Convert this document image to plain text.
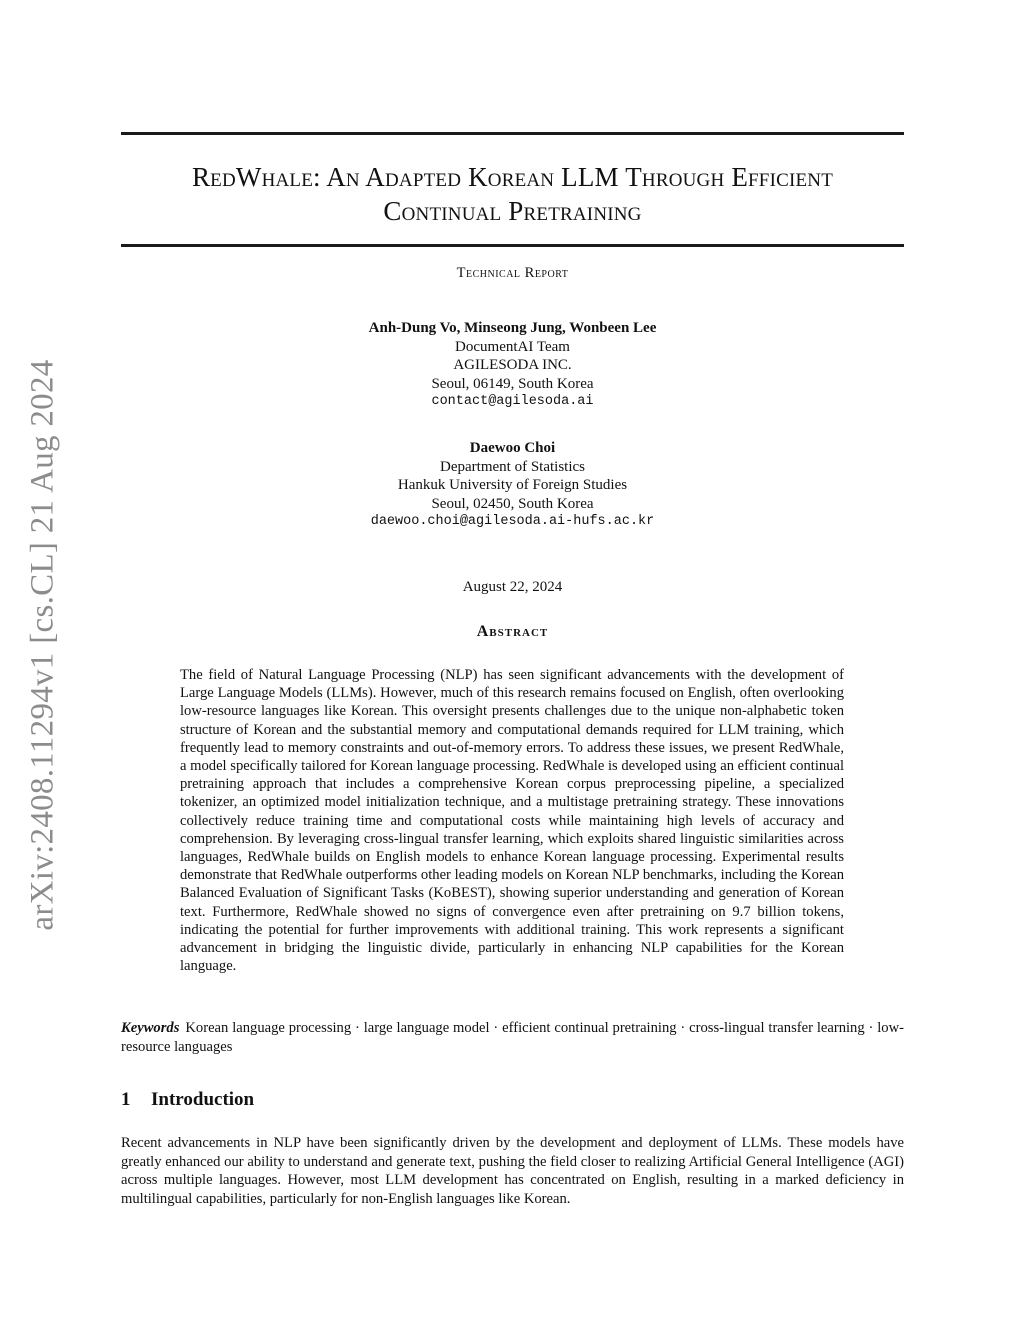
arXiv:2408.11294v1 [cs.CL] 21 Aug 2024
RedWhale: An Adapted Korean LLM Through Efficient
Continual Pretraining
Technical Report
Anh-Dung Vo, Minseong Jung, Wonbeen Lee
DocumentAI Team
AGILESODA INC.
Seoul, 06149, South Korea
contact@agilesoda.ai
Daewoo Choi
Department of Statistics
Hankuk University of Foreign Studies
Seoul, 02450, South Korea
daewoo.choi@agilesoda.ai-hufs.ac.kr
August 22, 2024
Abstract
The field of Natural Language Processing (NLP) has seen significant advancements with the development of Large Language Models (LLMs). However, much of this research remains focused on English, often overlooking low-resource languages like Korean. This oversight presents challenges due to the unique non-alphabetic token structure of Korean and the substantial memory and computational demands required for LLM training, which frequently lead to memory constraints and out-of-memory errors. To address these issues, we present RedWhale, a model specifically tailored for Korean language processing. RedWhale is developed using an efficient continual pretraining approach that includes a comprehensive Korean corpus preprocessing pipeline, a specialized tokenizer, an optimized model initialization technique, and a multistage pretraining strategy. These innovations collectively reduce training time and computational costs while maintaining high levels of accuracy and comprehension. By leveraging cross-lingual transfer learning, which exploits shared linguistic similarities across languages, RedWhale builds on English models to enhance Korean language processing. Experimental results demonstrate that RedWhale outperforms other leading models on Korean NLP benchmarks, including the Korean Balanced Evaluation of Significant Tasks (KoBEST), showing superior understanding and generation of Korean text. Furthermore, RedWhale showed no signs of convergence even after pretraining on 9.7 billion tokens, indicating the potential for further improvements with additional training. This work represents a significant advancement in bridging the linguistic divide, particularly in enhancing NLP capabilities for the Korean language.
Keywords Korean language processing · large language model · efficient continual pretraining · cross-lingual transfer learning · low-resource languages
1 Introduction
Recent advancements in NLP have been significantly driven by the development and deployment of LLMs. These models have greatly enhanced our ability to understand and generate text, pushing the field closer to realizing Artificial General Intelligence (AGI) across multiple languages. However, most LLM development has concentrated on English, resulting in a marked deficiency in multilingual capabilities, particularly for non-English languages like Korean.
